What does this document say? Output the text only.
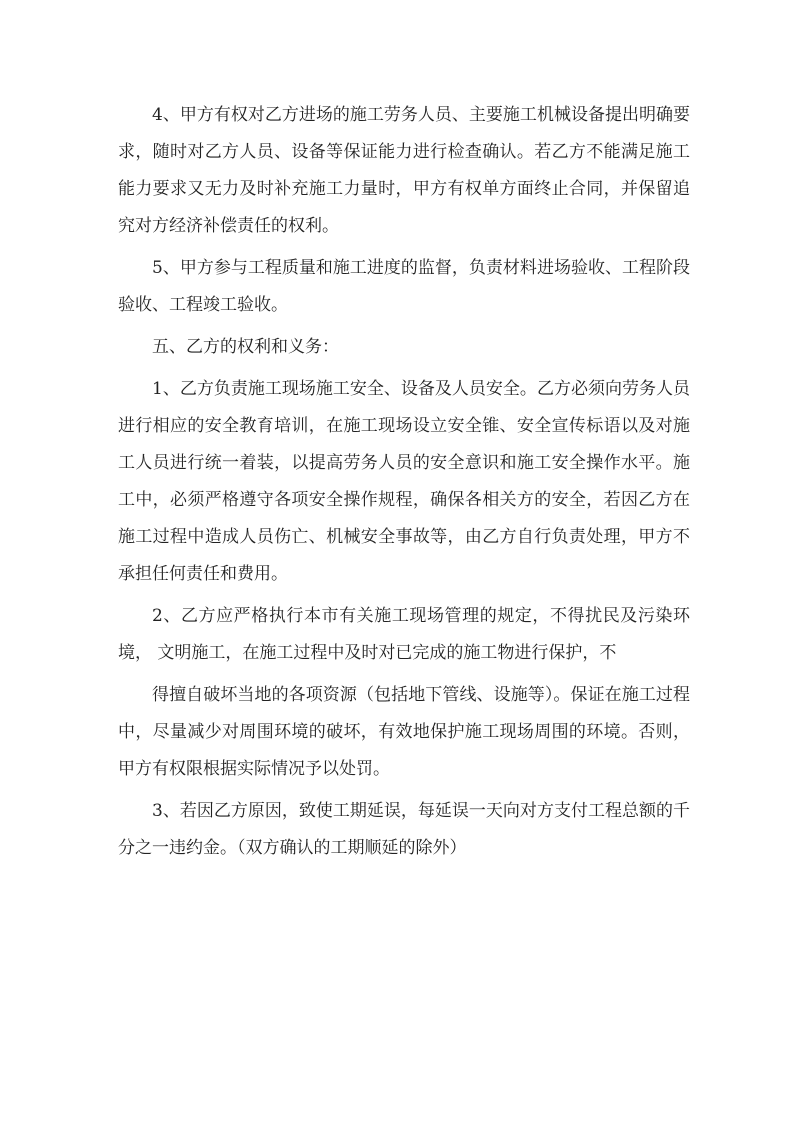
4、甲方有权对乙方进场的施工劳务人员、主要施工机械设备提出明确要求，随时对乙方人员、设备等保证能力进行检查确认。若乙方不能满足施工能力要求又无力及时补充施工力量时，甲方有权单方面终止合同，并保留追究对方经济补偿责任的权利。

5、甲方参与工程质量和施工进度的监督，负责材料进场验收、工程阶段验收、工程竣工验收。

五、乙方的权利和义务：

1、乙方负责施工现场施工安全、设备及人员安全。乙方必须向劳务人员进行相应的安全教育培训，在施工现场设立安全锥、安全宣传标语以及对施工人员进行统一着装，以提高劳务人员的安全意识和施工安全操作水平。施工中，必须严格遵守各项安全操作规程，确保各相关方的安全，若因乙方在施工过程中造成人员伤亡、机械安全事故等，由乙方自行负责处理，甲方不承担任何责任和费用。

2、乙方应严格执行本市有关施工现场管理的规定，不得扰民及污染环境， 文明施工，在施工过程中及时对已完成的施工物进行保护，不

得擅自破坏当地的各项资源（包括地下管线、设施等）。保证在施工过程中，尽量减少对周围环境的破坏，有效地保护施工现场周围的环境。否则，甲方有权限根据实际情况予以处罚。

3、若因乙方原因，致使工期延误，每延误一天向对方支付工程总额的千分之一违约金。（双方确认的工期顺延的除外）
